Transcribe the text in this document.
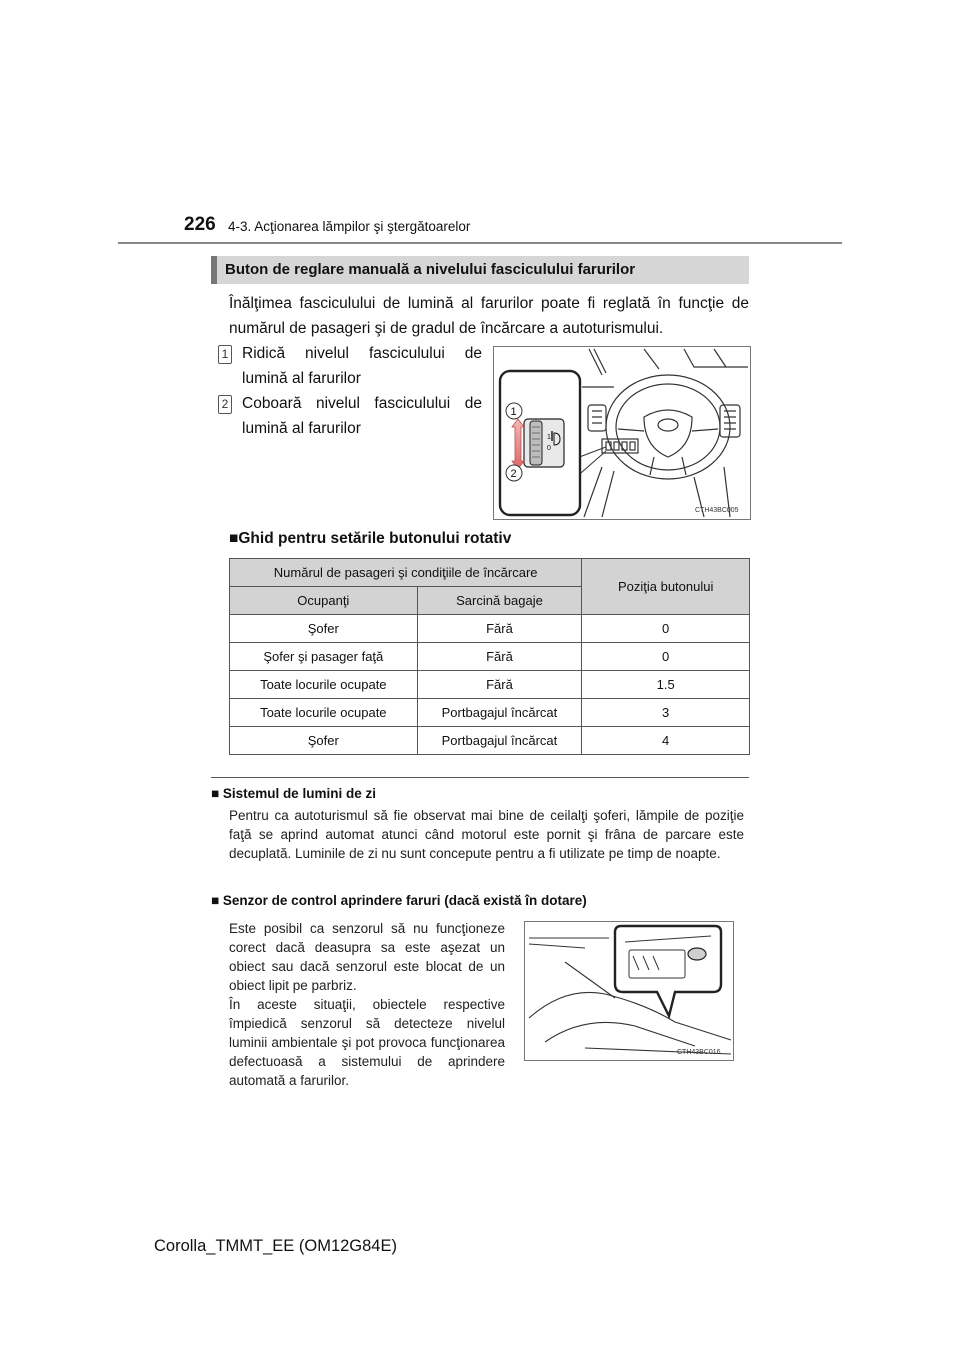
226 4-3. Acţionarea lămpilor şi ştergătoarelor
Buton de reglare manuală a nivelului fasciculului farurilor
Înălţimea fasciculului de lumină al farurilor poate fi reglată în funcţie de numărul de pasageri şi de gradul de încărcare a autoturismului.
1 Ridică nivelul fasciculului de lumină al farurilor
2 Coboară nivelul fasciculului de lumină al farurilor
1
0
1
2
CTH43BC005
■Ghid pentru setările butonului rotativ
Numărul de pasageri şi condiţiile de încărcare		Poziţia butonului
Ocupanţi	Sarcină bagaje	
Şofer	Fără	0
Şofer şi pasager faţă	Fără	0
Toate locurile ocupate	Fără	1.5
Toate locurile ocupate	Portbagajul încărcat	3
Şofer	Portbagajul încărcat	4
■ Sistemul de lumini de zi
Pentru ca autoturismul să fie observat mai bine de ceilalţi şoferi, lămpile de poziţie faţă se aprind automat atunci când motorul este pornit şi frâna de parcare este decuplată. Luminile de zi nu sunt concepute pentru a fi utilizate pe timp de noapte.
■ Senzor de control aprindere faruri (dacă există în dotare)
Este posibil ca senzorul să nu funcţioneze corect dacă deasupra sa este aşezat un obiect sau dacă senzorul este blocat de un obiect lipit pe parbriz.
În aceste situaţii, obiectele respective împiedică senzorul să detecteze nivelul luminii ambientale şi pot provoca funcţionarea defectuoasă a sistemului de aprindere automată a farurilor.
CTH43BC016
Corolla_TMMT_EE (OM12G84E)
